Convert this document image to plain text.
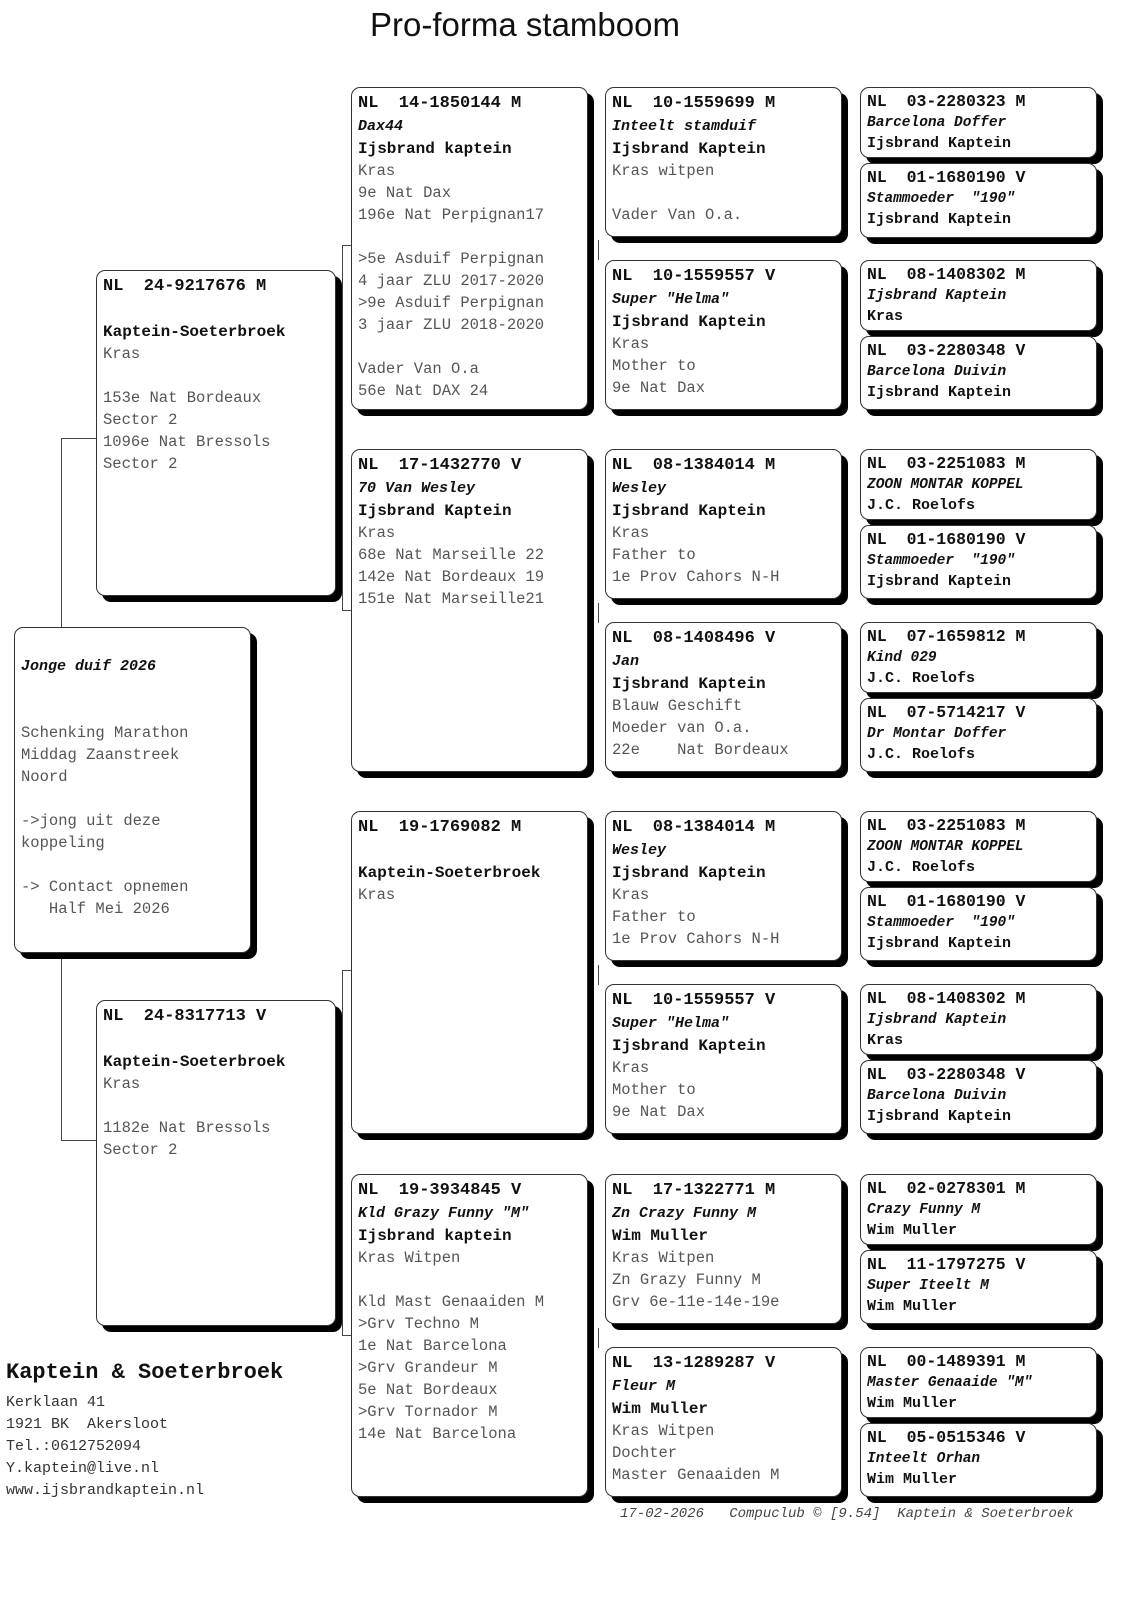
Pro-forma stamboom
Jonge duif 2026

Schenking Marathon
Middag Zaanstreek
Noord

->jong uit deze
koppeling

-> Contact opnemen
Half Mei 2026
NL  24-9217676 M

Kaptein-Soeterbroek
Kras

153e Nat Bordeaux
Sector 2
1096e Nat Bressols
Sector 2
NL  24-8317713 V

Kaptein-Soeterbroek
Kras

1182e Nat Bressols
Sector 2
NL  14-1850144 M
Dax44
Ijsbrand kaptein
Kras
9e Nat Dax
196e Nat Perpignan17

>5e Asduif Perpignan
4 jaar ZLU 2017-2020
>9e Asduif Perpignan
3 jaar ZLU 2018-2020

Vader Van O.a
56e Nat DAX 24
NL  17-1432770 V
70 Van Wesley
Ijsbrand Kaptein
Kras
68e Nat Marseille 22
142e Nat Bordeaux 19
151e Nat Marseille21
NL  19-1769082 M

Kaptein-Soeterbroek
Kras
NL  19-3934845 V
Kld Grazy Funny "M"
Ijsbrand kaptein
Kras Witpen

Kld Mast Genaaiden M
>Grv Techno M
1e Nat Barcelona
>Grv Grandeur M
5e Nat Bordeaux
>Grv Tornador M
14e Nat Barcelona
NL  10-1559699 M
Inteelt stamduif
Ijsbrand Kaptein
Kras witpen

Vader Van O.a.
NL  10-1559557 V
Super "Helma"
Ijsbrand Kaptein
Kras
Mother to
9e Nat Dax
NL  08-1384014 M
Wesley
Ijsbrand Kaptein
Kras
Father to
1e Prov Cahors N-H
NL  08-1408496 V
Jan
Ijsbrand Kaptein
Blauw Geschift
Moeder van O.a.
22e    Nat Bordeaux
NL  08-1384014 M
Wesley
Ijsbrand Kaptein
Kras
Father to
1e Prov Cahors N-H
NL  10-1559557 V
Super "Helma"
Ijsbrand Kaptein
Kras
Mother to
9e Nat Dax
NL  17-1322771 M
Zn Crazy Funny M
Wim Muller
Kras Witpen
Zn Grazy Funny M
Grv 6e-11e-14e-19e
NL  13-1289287 V
Fleur M
Wim Muller
Kras Witpen
Dochter
Master Genaaiden M
NL  03-2280323 M
Barcelona Doffer
Ijsbrand Kaptein
NL  01-1680190 V
Stammoeder  "190"
Ijsbrand Kaptein
NL  08-1408302 M
Ijsbrand Kaptein
Kras
NL  03-2280348 V
Barcelona Duivin
Ijsbrand Kaptein
NL  03-2251083 M
ZOON MONTAR KOPPEL
J.C. Roelofs
NL  01-1680190 V
Stammoeder  "190"
Ijsbrand Kaptein
NL  07-1659812 M
Kind 029
J.C. Roelofs
NL  07-5714217 V
Dr Montar Doffer
J.C. Roelofs
NL  03-2251083 M
ZOON MONTAR KOPPEL
J.C. Roelofs
NL  01-1680190 V
Stammoeder  "190"
Ijsbrand Kaptein
NL  08-1408302 M
Ijsbrand Kaptein
Kras
NL  03-2280348 V
Barcelona Duivin
Ijsbrand Kaptein
NL  02-0278301 M
Crazy Funny M
Wim Muller
NL  11-1797275 V
Super Iteelt M
Wim Muller
NL  00-1489391 M
Master Genaaide "M"
Wim Muller
NL  05-0515346 V
Inteelt Orhan
Wim Muller
Kaptein & Soeterbroek
Kerklaan 41
1921 BK  Akersloot
Tel.:0612752094
Y.kaptein@live.nl
www.ijsbrandkaptein.nl
17-02-2026   Compuclub © [9.54]  Kaptein & Soeterbroek
